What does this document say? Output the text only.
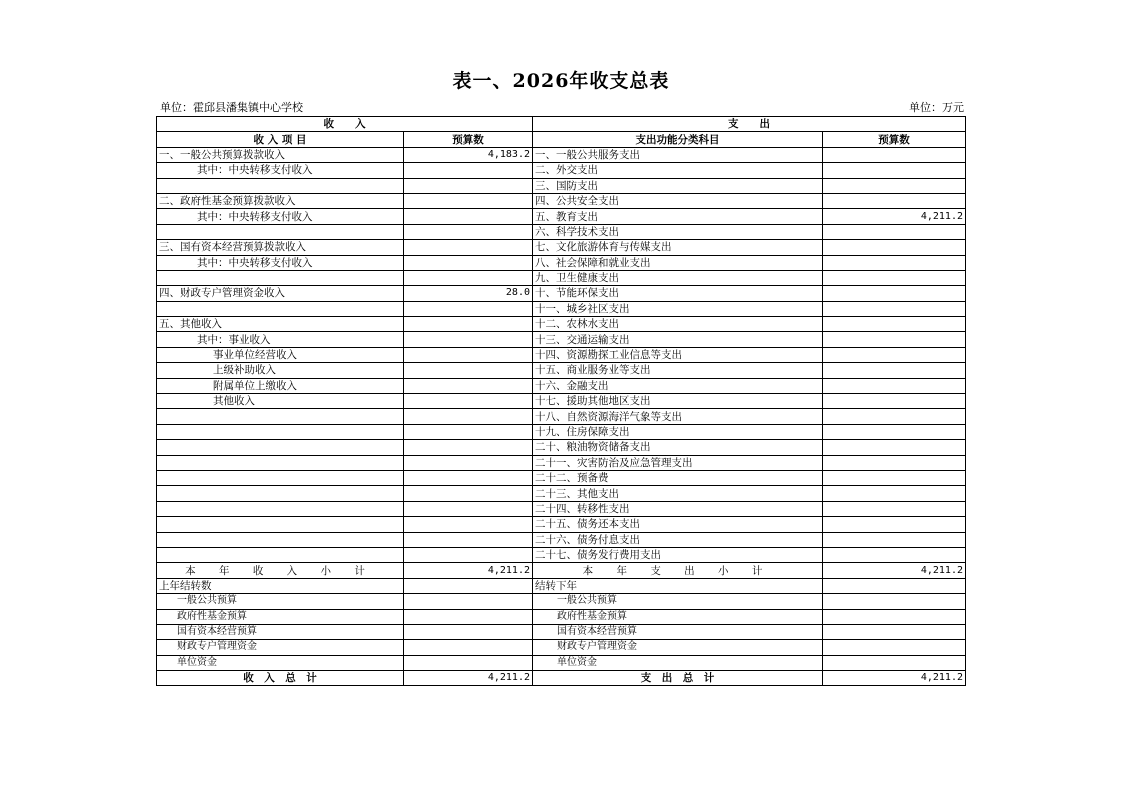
表一、2026年收支总表
单位：霍邱县潘集镇中心学校	单位：万元
收　　入		支　　出	
收 入 项 目	预算数	支出功能分类科目	预算数
一、一般公共预算拨款收入	4,183.2	一、一般公共服务支出	
其中：中央转移支付收入		二、外交支出	
		三、国防支出	
二、政府性基金预算拨款收入		四、公共安全支出	
其中：中央转移支付收入		五、教育支出	4,211.2
		六、科学技术支出	
三、国有资本经营预算拨款收入		七、文化旅游体育与传媒支出	
其中：中央转移支付收入		八、社会保障和就业支出	
		九、卫生健康支出	
四、财政专户管理资金收入	28.0	十、节能环保支出	
		十一、城乡社区支出	
五、其他收入		十二、农林水支出	
其中：事业收入		十三、交通运输支出	
事业单位经营收入		十四、资源勘探工业信息等支出	
上级补助收入		十五、商业服务业等支出	
附属单位上缴收入		十六、金融支出	
其他收入		十七、援助其他地区支出	
		十八、自然资源海洋气象等支出	
		十九、住房保障支出	
		二十、粮油物资储备支出	
		二十一、灾害防治及应急管理支出	
		二十二、预备费	
		二十三、其他支出	
		二十四、转移性支出	
		二十五、债务还本支出	
		二十六、债务付息支出	
		二十七、债务发行费用支出	
本 年 收 入 小 计	4,211.2	本 年 支 出 小 计	4,211.2
上年结转数		结转下年	
一般公共预算		一般公共预算	
政府性基金预算		政府性基金预算	
国有资本经营预算		国有资本经营预算	
财政专户管理资金		财政专户管理资金	
单位资金		单位资金	
收　入　总　计	4,211.2	支　出　总　计	4,211.2
